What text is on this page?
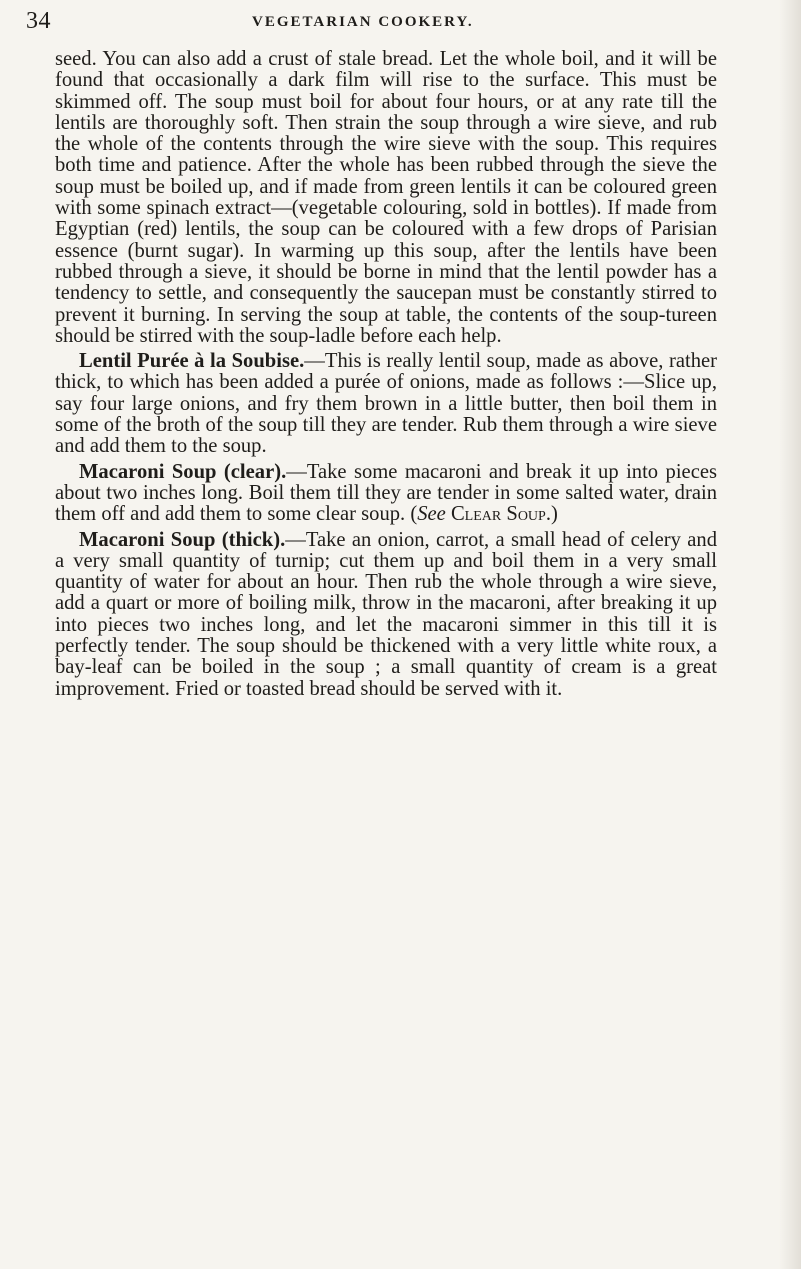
34	VEGETARIAN COOKERY.

seed. You can also add a crust of stale bread. Let the whole boil, and it will be found that occasionally a dark film will rise to the surface. This must be skimmed off. The soup must boil for about four hours, or at any rate till the lentils are thoroughly soft. Then strain the soup through a wire sieve, and rub the whole of the contents through the wire sieve with the soup. This requires both time and patience. After the whole has been rubbed through the sieve the soup must be boiled up, and if made from green lentils it can be coloured green with some spinach extract—(vegetable colouring, sold in bottles). If made from Egyptian (red) lentils, the soup can be coloured with a few drops of Parisian essence (burnt sugar). In warming up this soup, after the lentils have been rubbed through a sieve, it should be borne in mind that the lentil powder has a tendency to settle, and consequently the saucepan must be constantly stirred to prevent it burning. In serving the soup at table, the contents of the soup-tureen should be stirred with the soup-ladle before each help.

Lentil Purée à la Soubise.—This is really lentil soup, made as above, rather thick, to which has been added a purée of onions, made as follows :—Slice up, say four large onions, and fry them brown in a little butter, then boil them in some of the broth of the soup till they are tender. Rub them through a wire sieve and add them to the soup.

Macaroni Soup (clear).—Take some macaroni and break it up into pieces about two inches long. Boil them till they are tender in some salted water, drain them off and add them to some clear soup. (See Clear Soup.)

Macaroni Soup (thick).—Take an onion, carrot, a small head of celery and a very small quantity of turnip; cut them up and boil them in a very small quantity of water for about an hour. Then rub the whole through a wire sieve, add a quart or more of boiling milk, throw in the macaroni, after breaking it up into pieces two inches long, and let the macaroni simmer in this till it is perfectly tender. The soup should be thickened with a very little white roux, a bay-leaf can be boiled in the soup ; a small quantity of cream is a great improvement. Fried or toasted bread should be served with it.
